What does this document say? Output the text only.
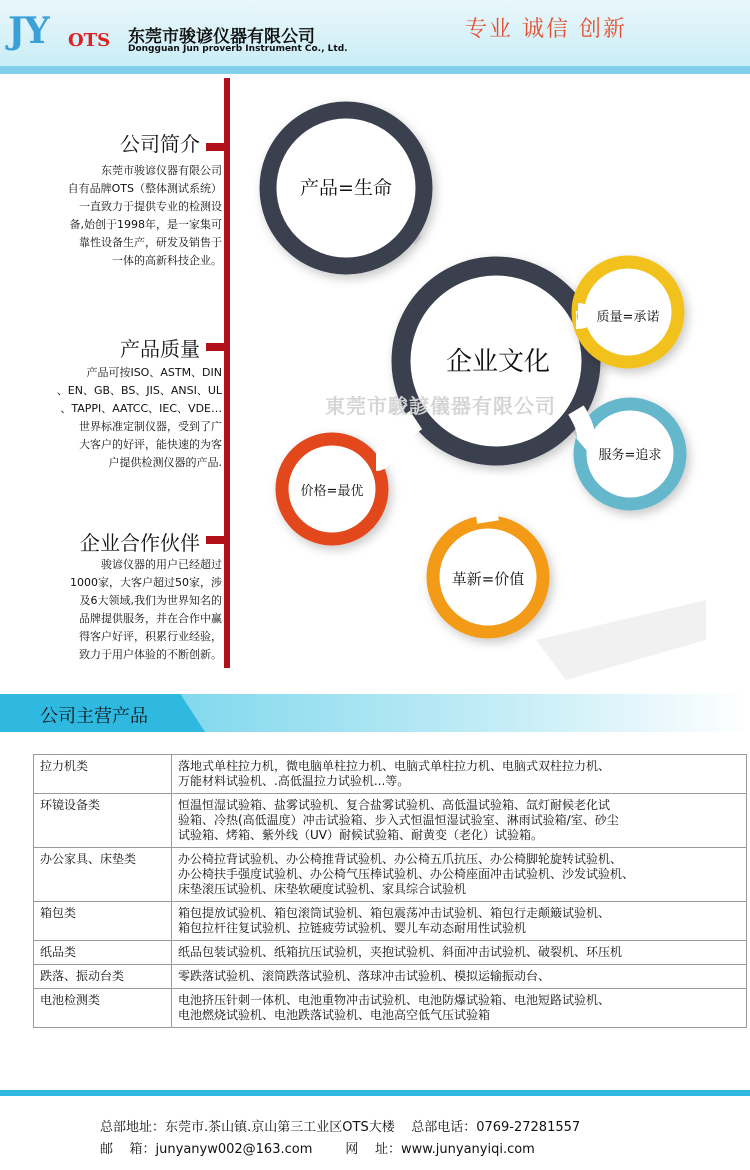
JY OTS 东莞市骏谚仪器有限公司
Dongguan Jun proverb Instrument Co., Ltd.
专业 诚信 创新
公司简介
东莞市骏谚仪器有限公司
自有品牌OTS（整体测试系统）
一直致力于提供专业的检测设
备,始创于1998年，是一家集可
靠性设备生产，研发及销售于
一体的高新科技企业。
产品质量
产品可按ISO、ASTM、DIN
、EN、GB、BS、JIS、ANSI、UL
、TAPPI、AATCC、IEC、VDE…
世界标准定制仪器，受到了广
大客户的好评，能快速的为客
户提供检测仪器的产品.
企业合作伙伴
骏谚仪器的用户已经超过
1000家，大客户超过50家，涉
及6大领域,我们为世界知名的
品牌提供服务，并在合作中赢
得客户好评，积累行业经验，
致力于用户体验的不断创新。
产品=生命
企业文化
质量=承诺
服务=追求
价格=最优
革新=价值
東莞市駿諺儀器有限公司
公司主营产品
拉力机类	落地式单柱拉力机，微电脑单柱拉力机、电脑式单柱拉力机、电脑式双柱拉力机、
万能材料试验机、.高低温拉力试验机...等。

环镜设备类	恒温恒湿试验箱、盐雾试验机、复合盐雾试验机、高低温试验箱、氙灯耐候老化试
验箱、冷热(高低温度）冲击试验箱、步入式恒温恒湿试验室、淋雨试验箱/室、砂尘
试验箱、烤箱、紫外线（UV）耐候试验箱、耐黄变（老化）试验箱。

办公家具、床垫类	办公椅拉背试验机、办公椅推背试验机、办公椅五爪抗压、办公椅脚轮旋转试验机、
办公椅扶手强度试验机、办公椅气压棒试验机、办公椅座面冲击试验机、沙发试验机、
床垫滚压试验机、床垫软硬度试验机、家具综合试验机

箱包类	箱包提放试验机、箱包滚筒试验机、箱包震荡冲击试验机、箱包行走颠簸试验机、
箱包拉杆往复试验机、拉链疲劳试验机、婴儿车动态耐用性试验机

纸品类	纸品包装试验机、纸箱抗压试验机，夹抱试验机、斜面冲击试验机、破裂机、环压机

跌落、振动台类	零跌落试验机、滚筒跌落试验机、落球冲击试验机、模拟运输振动台、

电池检测类	电池挤压针刺一体机、电池重物冲击试验机、电池防爆试验箱、电池短路试验机、
电池燃烧试验机、电池跌落试验机、电池高空低气压试验箱
总部地址：东莞市.茶山镇.京山第三工业区OTS大楼    总部电话：0769-27281557
邮    箱：junyanyw002@163.com        网    址：www.junyanyiqi.com
